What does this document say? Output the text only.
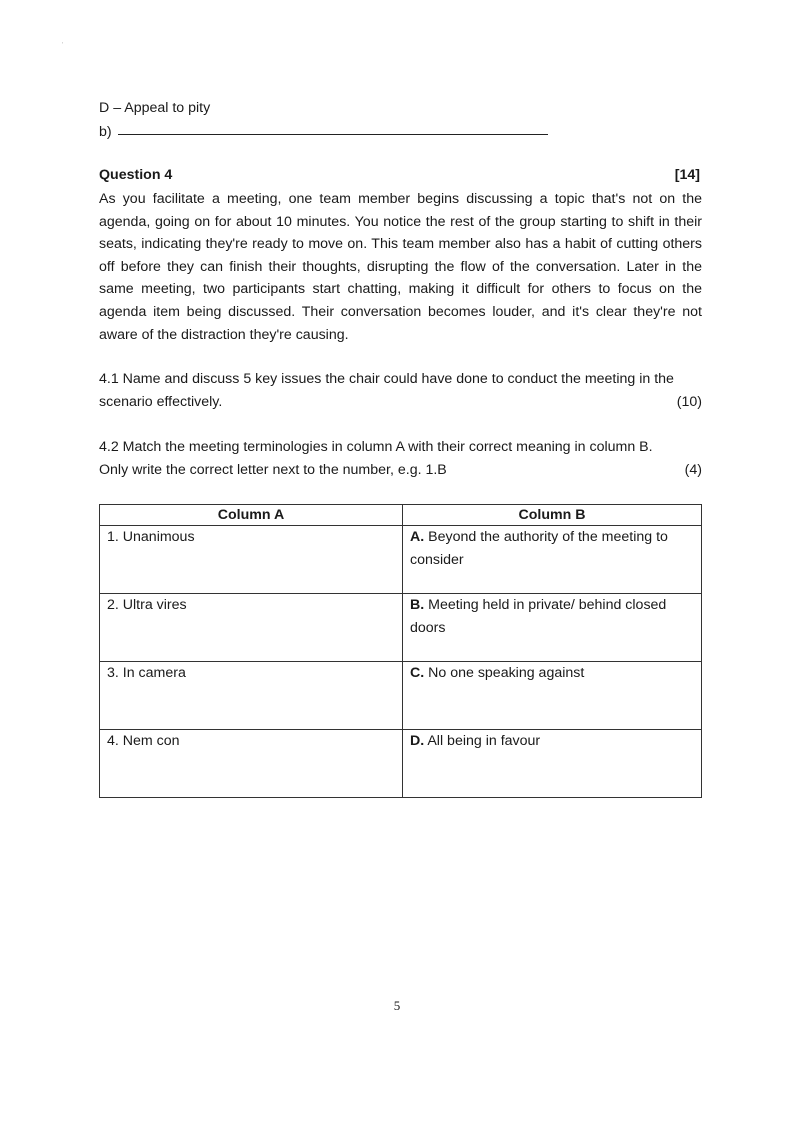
'
D – Appeal to pity
b)
Question 4	[14]

As you facilitate a meeting, one team member begins discussing a topic that's not on the agenda, going on for about 10 minutes. You notice the rest of the group starting to shift in their seats, indicating they're ready to move on. This team member also has a habit of cutting others off before they can finish their thoughts, disrupting the flow of the conversation. Later in the same meeting, two participants start chatting, making it difficult for others to focus on the agenda item being discussed. Their conversation becomes louder, and it's clear they're not aware of the distraction they're causing.

4.1 Name and discuss 5 key issues the chair could have done to conduct the meeting in the
scenario effectively.	(10)
4.2 Match the meeting terminologies in column A with their correct meaning in column B.
Only write the correct letter next to the number, e.g. 1.B	(4)
Column A	Column B
1. Unanimous	A. Beyond the authority of the meeting to consider
2. Ultra vires	B. Meeting held in private/ behind closed doors
3. In camera	C. No one speaking against
4. Nem con	D. All being in favour
5
